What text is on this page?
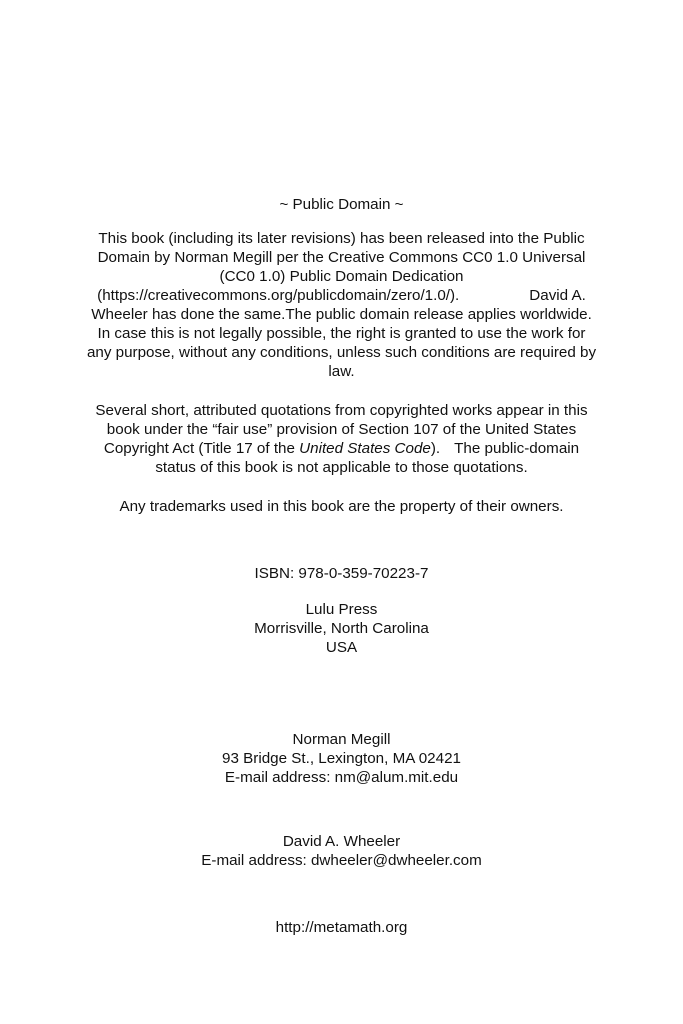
~ Public Domain ~
This book (including its later revisions) has been released into the Public
Domain by Norman Megill per the Creative Commons CC0 1.0 Universal
(CC0 1.0) Public Domain Dedication
(https://creativecommons.org/publicdomain/zero/1.0/).	David A.
Wheeler has done the same.The public domain release applies worldwide.
In case this is not legally possible, the right is granted to use the work for
any purpose, without any conditions, unless such conditions are required by
law.
Several short, attributed quotations from copyrighted works appear in this
book under the “fair use” provision of Section 107 of the United States
Copyright Act (Title 17 of the United States Code). The public-domain
status of this book is not applicable to those quotations.
Any trademarks used in this book are the property of their owners.
ISBN: 978-0-359-70223-7
Lulu Press
Morrisville, North Carolina
USA
Norman Megill
93 Bridge St., Lexington, MA 02421
E-mail address: nm@alum.mit.edu
David A. Wheeler
E-mail address: dwheeler@dwheeler.com
http://metamath.org
